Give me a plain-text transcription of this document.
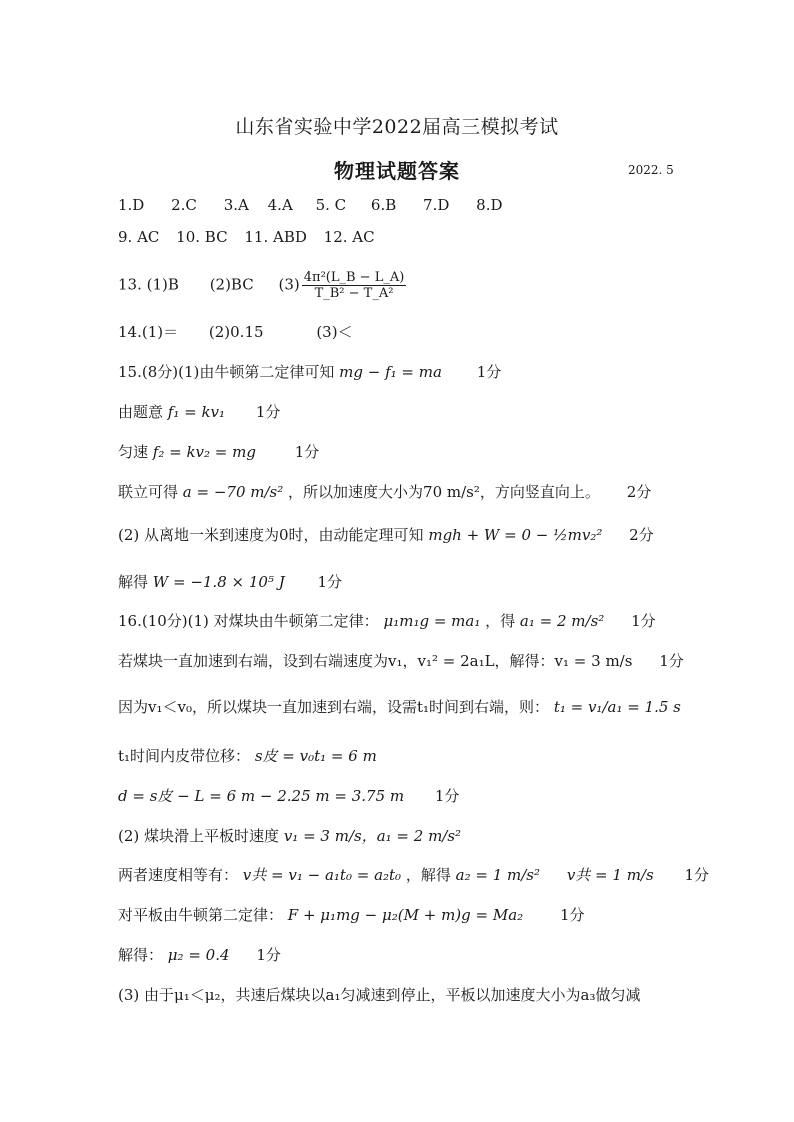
山东省实验中学2022届高三模拟考试
物理试题答案	2022. 5
1.D 2.C 3.A 4.A 5. C 6.B 7.D 8.D
9. AC 10. BC 11. ABD 12. AC
13. (1)B (2)BC $(3) \frac{\text{4π²(L\_B − L\_A)}}{\text{T\_B² − T\_A²}}$
14.(1)＝ (2)0.15	(3)＜
15.(8分)(1)由牛顿第二定律可知 mg − f₁ = ma 1分
由题意 f₁ = kv₁ 1分
匀速 f₂ = kv₂ = mg	1分
联立可得 a = −70 m/s² ，所以加速度大小为70 m/s²，方向竖直向上。 2分
(2) 从离地一米到速度为0时，由动能定理可知 mgh + W = 0 − ½mv₂² 2分
解得 W = −1.8 × 10⁵ J 1分
16.(10分)(1) 对煤块由牛顿第二定律： μ₁m₁g = ma₁ ，得 a₁ = 2 m/s² 1分
若煤块一直加速到右端，设到右端速度为v₁，v₁² = 2a₁L，解得：v₁ = 3 m/s 1分
因为v₁＜v₀，所以煤块一直加速到右端，设需t₁时间到右端，则： t₁ = v₁/a₁ = 1.5 s
t₁时间内皮带位移： s皮 = v₀t₁ = 6 m
d = s皮 − L = 6 m − 2.25 m = 3.75 m 1分
(2) 煤块滑上平板时速度 v₁ = 3 m/s，a₁ = 2 m/s²
两者速度相等有： v共 = v₁ − a₁t₀ = a₂t₀ ，解得 a₂ = 1 m/s² v共 = 1 m/s 1分
对平板由牛顿第二定律： F + μ₁mg − μ₂(M + m)g = Ma₂ 1分
解得： μ₂ = 0.4 1分
(3) 由于μ₁＜μ₂，共速后煤块以a₁匀减速到停止，平板以加速度大小为a₃做匀减
